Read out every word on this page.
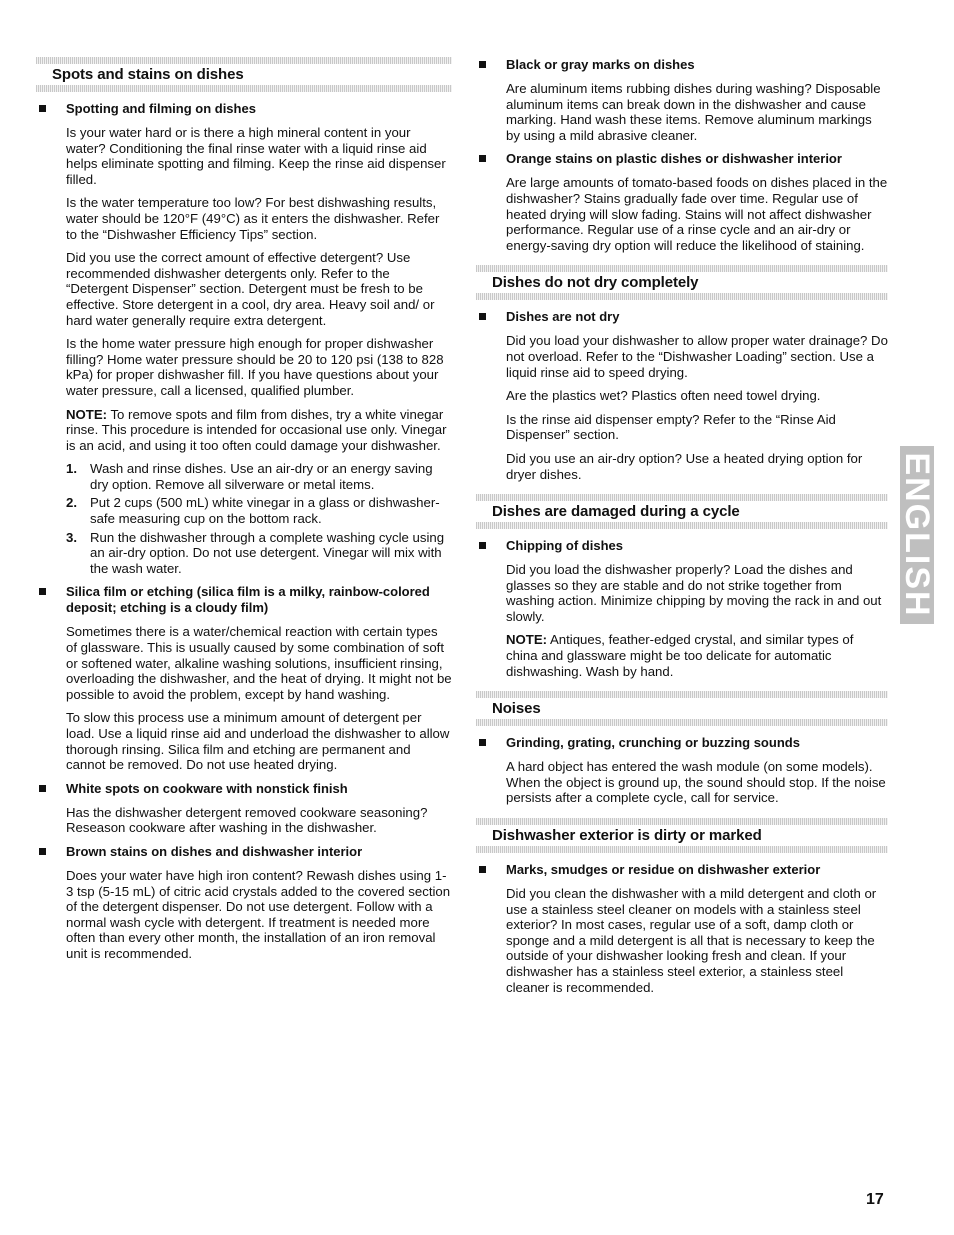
Spots and stains on dishes
Spotting and filming on dishes
Is your water hard or is there a high mineral content in your water? Conditioning the final rinse water with a liquid rinse aid helps eliminate spotting and filming. Keep the rinse aid dispenser filled.
Is the water temperature too low? For best dishwashing results, water should be 120°F (49°C) as it enters the dishwasher. Refer to the “Dishwasher Efficiency Tips” section.
Did you use the correct amount of effective detergent? Use recommended dishwasher detergents only. Refer to the “Detergent Dispenser” section. Detergent must be fresh to be effective. Store detergent in a cool, dry area. Heavy soil and/ or hard water generally require extra detergent.
Is the home water pressure high enough for proper dishwasher filling? Home water pressure should be 20 to 120 psi (138 to 828 kPa) for proper dishwasher fill. If you have questions about your water pressure, call a licensed, qualified plumber.
NOTE: To remove spots and film from dishes, try a white vinegar rinse. This procedure is intended for occasional use only. Vinegar is an acid, and using it too often could damage your dishwasher.
1. Wash and rinse dishes. Use an air-dry or an energy saving dry option. Remove all silverware or metal items.
2. Put 2 cups (500 mL) white vinegar in a glass or dishwasher-safe measuring cup on the bottom rack.
3. Run the dishwasher through a complete washing cycle using an air-dry option. Do not use detergent. Vinegar will mix with the wash water.
Silica film or etching (silica film is a milky, rainbow-colored deposit; etching is a cloudy film)
Sometimes there is a water/chemical reaction with certain types of glassware. This is usually caused by some combination of soft or softened water, alkaline washing solutions, insufficient rinsing, overloading the dishwasher, and the heat of drying. It might not be possible to avoid the problem, except by hand washing.
To slow this process use a minimum amount of detergent per load. Use a liquid rinse aid and underload the dishwasher to allow thorough rinsing. Silica film and etching are permanent and cannot be removed. Do not use heated drying.
White spots on cookware with nonstick finish
Has the dishwasher detergent removed cookware seasoning? Reseason cookware after washing in the dishwasher.
Brown stains on dishes and dishwasher interior
Does your water have high iron content? Rewash dishes using 1-3 tsp (5-15 mL) of citric acid crystals added to the covered section of the detergent dispenser. Do not use detergent. Follow with a normal wash cycle with detergent. If treatment is needed more often than every other month, the installation of an iron removal unit is recommended.
Black or gray marks on dishes
Are aluminum items rubbing dishes during washing? Disposable aluminum items can break down in the dishwasher and cause marking. Hand wash these items. Remove aluminum markings by using a mild abrasive cleaner.
Orange stains on plastic dishes or dishwasher interior
Are large amounts of tomato-based foods on dishes placed in the dishwasher? Stains gradually fade over time. Regular use of heated drying will slow fading. Stains will not affect dishwasher performance. Regular use of a rinse cycle and an air-dry or energy-saving dry option will reduce the likelihood of staining.
Dishes do not dry completely
Dishes are not dry
Did you load your dishwasher to allow proper water drainage? Do not overload. Refer to the “Dishwasher Loading” section. Use a liquid rinse aid to speed drying.
Are the plastics wet? Plastics often need towel drying.
Is the rinse aid dispenser empty? Refer to the “Rinse Aid Dispenser” section.
Did you use an air-dry option? Use a heated drying option for dryer dishes.
Dishes are damaged during a cycle
Chipping of dishes
Did you load the dishwasher properly? Load the dishes and glasses so they are stable and do not strike together from washing action. Minimize chipping by moving the rack in and out slowly.
NOTE: Antiques, feather-edged crystal, and similar types of china and glassware might be too delicate for automatic dishwashing. Wash by hand.
Noises
Grinding, grating, crunching or buzzing sounds
A hard object has entered the wash module (on some models). When the object is ground up, the sound should stop. If the noise persists after a complete cycle, call for service.
Dishwasher exterior is dirty or marked
Marks, smudges or residue on dishwasher exterior
Did you clean the dishwasher with a mild detergent and cloth or use a stainless steel cleaner on models with a stainless steel exterior? In most cases, regular use of a soft, damp cloth or sponge and a mild detergent is all that is necessary to keep the outside of your dishwasher looking fresh and clean. If your dishwasher has a stainless steel exterior, a stainless steel cleaner is recommended.
ENGLISH
17
